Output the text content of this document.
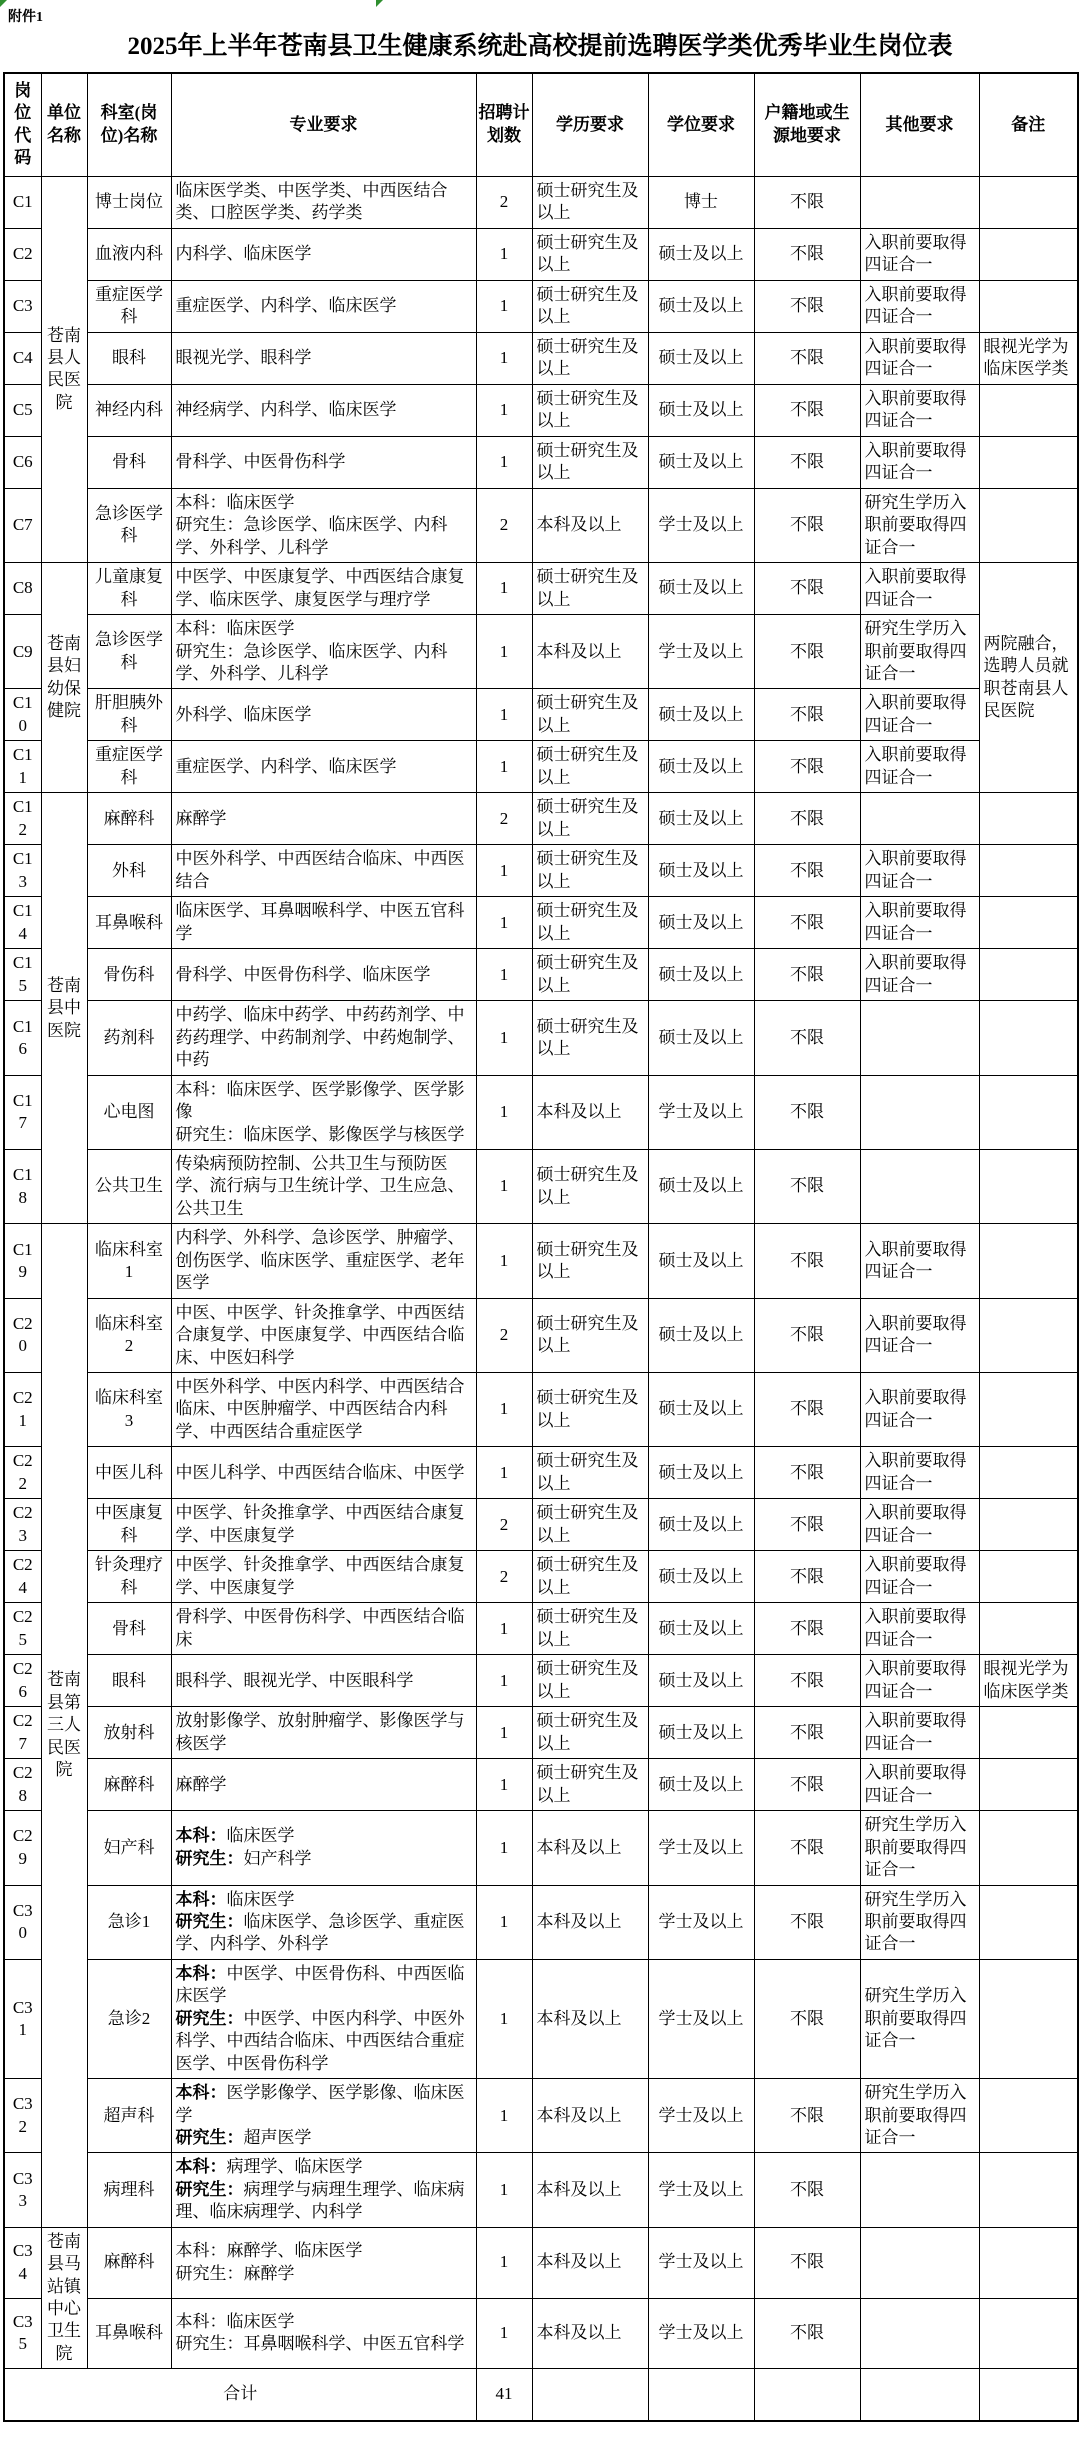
附件1
2025年上半年苍南县卫生健康系统赴高校提前选聘医学类优秀毕业生岗位表
岗位代码	单位名称	科室(岗位)名称	专业要求	招聘计划数	学历要求	学位要求	户籍地或生源地要求	其他要求	备注
C1	苍南县人民医院	博士岗位	临床医学类、中医学类、中西医结合类、口腔医学类、药学类	2	硕士研究生及以上	博士	不限		
C2		血液内科	内科学、临床医学	1	硕士研究生及以上	硕士及以上	不限	入职前要取得四证合一	
C3		重症医学科	重症医学、内科学、临床医学	1	硕士研究生及以上	硕士及以上	不限	入职前要取得四证合一	
C4		眼科	眼视光学、眼科学	1	硕士研究生及以上	硕士及以上	不限	入职前要取得四证合一	眼视光学为临床医学类
C5		神经内科	神经病学、内科学、临床医学	1	硕士研究生及以上	硕士及以上	不限	入职前要取得四证合一	
C6		骨科	骨科学、中医骨伤科学	1	硕士研究生及以上	硕士及以上	不限	入职前要取得四证合一	
C7		急诊医学科	本科：临床医学
研究生：急诊医学、临床医学、内科学、外科学、儿科学	2	本科及以上	学士及以上	不限	研究生学历入职前要取得四证合一	
C8	苍南县妇幼保健院	儿童康复科	中医学、中医康复学、中西医结合康复学、临床医学、康复医学与理疗学	1	硕士研究生及以上	硕士及以上	不限	入职前要取得四证合一	两院融合，选聘人员就职苍南县人民医院
C9		急诊医学科	本科：临床医学
研究生：急诊医学、临床医学、内科学、外科学、儿科学	1	本科及以上	学士及以上	不限	研究生学历入职前要取得四证合一	
C10		肝胆胰外科	外科学、临床医学	1	硕士研究生及以上	硕士及以上	不限	入职前要取得四证合一	
C11		重症医学科	重症医学、内科学、临床医学	1	硕士研究生及以上	硕士及以上	不限	入职前要取得四证合一	
C12	苍南县中医院	麻醉科	麻醉学	2	硕士研究生及以上	硕士及以上	不限		
C13		外科	中医外科学、中西医结合临床、中西医结合	1	硕士研究生及以上	硕士及以上	不限	入职前要取得四证合一	
C14		耳鼻喉科	临床医学、耳鼻咽喉科学、中医五官科学	1	硕士研究生及以上	硕士及以上	不限	入职前要取得四证合一	
C15		骨伤科	骨科学、中医骨伤科学、临床医学	1	硕士研究生及以上	硕士及以上	不限	入职前要取得四证合一	
C16		药剂科	中药学、临床中药学、中药药剂学、中药药理学、中药制剂学、中药炮制学、中药	1	硕士研究生及以上	硕士及以上	不限		
C17		心电图	本科：临床医学、医学影像学、医学影像
研究生：临床医学、影像医学与核医学	1	本科及以上	学士及以上	不限		
C18		公共卫生	传染病预防控制、公共卫生与预防医学、流行病与卫生统计学、卫生应急、公共卫生	1	硕士研究生及以上	硕士及以上	不限		
C19	苍南县第三人民医院	临床科室1	内科学、外科学、急诊医学、肿瘤学、创伤医学、临床医学、重症医学、老年医学	1	硕士研究生及以上	硕士及以上	不限	入职前要取得四证合一	
C20		临床科室2	中医、中医学、针灸推拿学、中西医结合康复学、中医康复学、中西医结合临床、中医妇科学	2	硕士研究生及以上	硕士及以上	不限	入职前要取得四证合一	
C21		临床科室3	中医外科学、中医内科学、中西医结合临床、中医肿瘤学、中西医结合内科学、中西医结合重症医学	1	硕士研究生及以上	硕士及以上	不限	入职前要取得四证合一	
C22		中医儿科	中医儿科学、中西医结合临床、中医学	1	硕士研究生及以上	硕士及以上	不限	入职前要取得四证合一	
C23		中医康复科	中医学、针灸推拿学、中西医结合康复学、中医康复学	2	硕士研究生及以上	硕士及以上	不限	入职前要取得四证合一	
C24		针灸理疗科	中医学、针灸推拿学、中西医结合康复学、中医康复学	2	硕士研究生及以上	硕士及以上	不限	入职前要取得四证合一	
C25		骨科	骨科学、中医骨伤科学、中西医结合临床	1	硕士研究生及以上	硕士及以上	不限	入职前要取得四证合一	
C26		眼科	眼科学、眼视光学、中医眼科学	1	硕士研究生及以上	硕士及以上	不限	入职前要取得四证合一	眼视光学为临床医学类
C27		放射科	放射影像学、放射肿瘤学、影像医学与核医学	1	硕士研究生及以上	硕士及以上	不限	入职前要取得四证合一	
C28		麻醉科	麻醉学	1	硕士研究生及以上	硕士及以上	不限	入职前要取得四证合一	
C29		妇产科	本科：临床医学
研究生：妇产科学	1	本科及以上	学士及以上	不限	研究生学历入职前要取得四证合一	
C30		急诊1	本科：临床医学
研究生：临床医学、急诊医学、重症医学、内科学、外科学	1	本科及以上	学士及以上	不限	研究生学历入职前要取得四证合一	
C31		急诊2	本科：中医学、中医骨伤科、中西医临床医学
研究生：中医学、中医内科学、中医外科学、中西结合临床、中西医结合重症医学、中医骨伤科学	1	本科及以上	学士及以上	不限	研究生学历入职前要取得四证合一	
C32		超声科	本科：医学影像学、医学影像、临床医学
研究生：超声医学	1	本科及以上	学士及以上	不限	研究生学历入职前要取得四证合一	
C33		病理科	本科：病理学、临床医学
研究生：病理学与病理生理学、临床病理、临床病理学、内科学	1	本科及以上	学士及以上	不限		
C34	苍南县马站镇中心卫生院	麻醉科	本科：麻醉学、临床医学
研究生：麻醉学	1	本科及以上	学士及以上	不限		
C35		耳鼻喉科	本科：临床医学
研究生：耳鼻咽喉科学、中医五官科学	1	本科及以上	学士及以上	不限		
合计				41					
